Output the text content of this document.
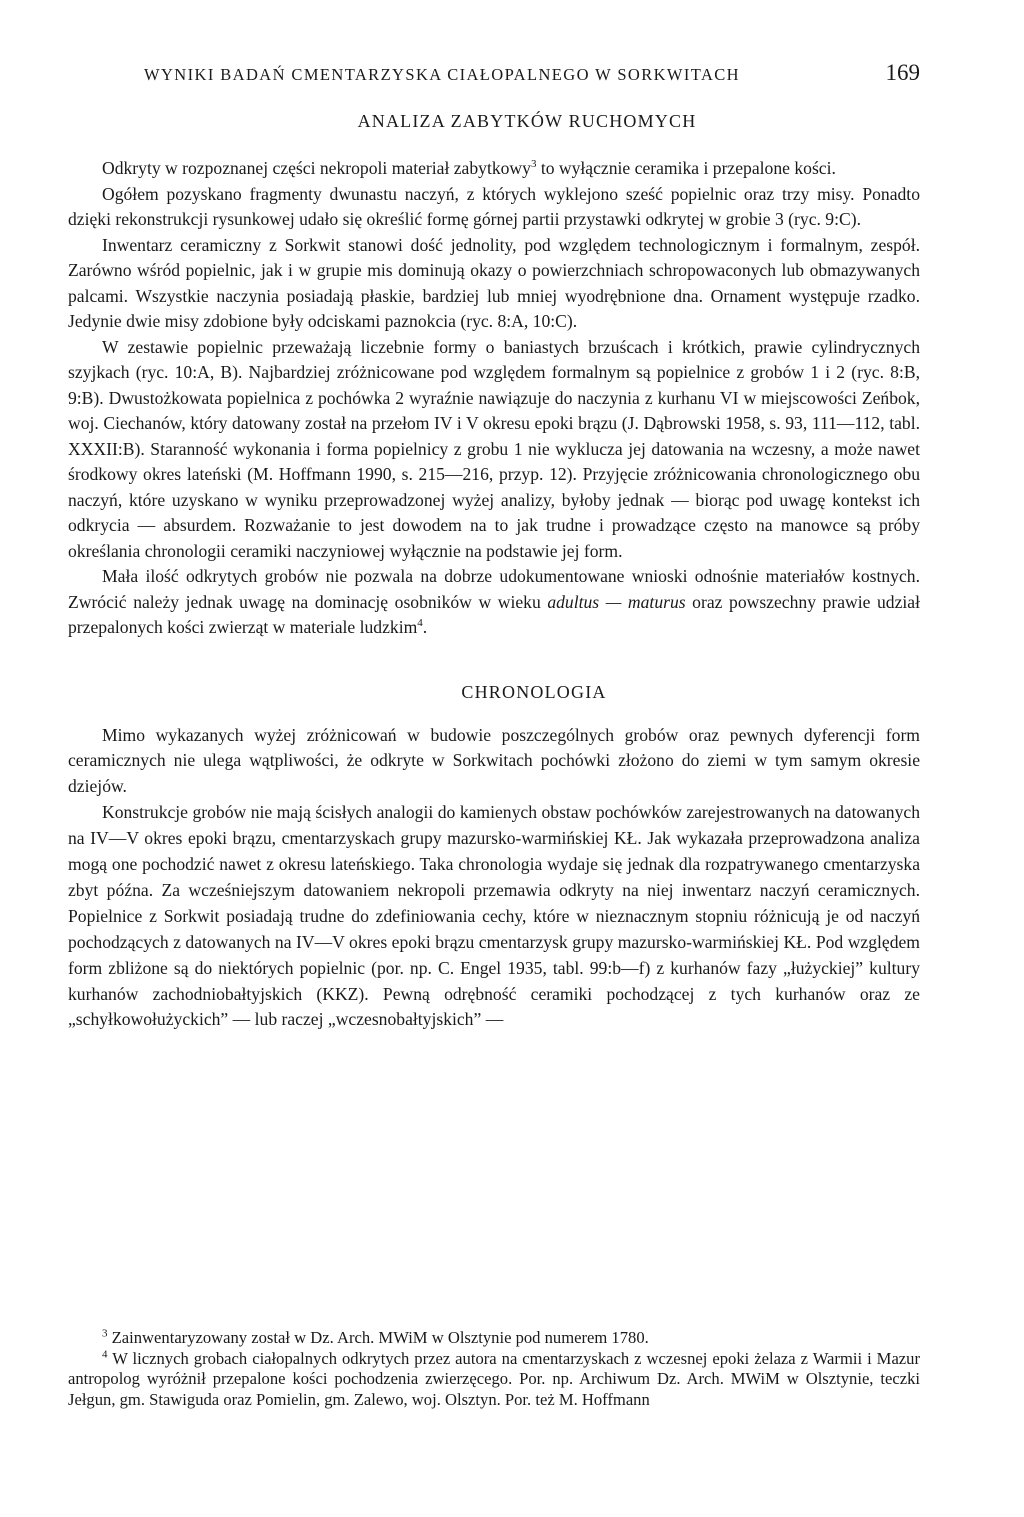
WYNIKI BADAŃ CMENTARZYSKA CIAŁOPALNEGO W SORKWITACH	169
ANALIZA ZABYTKÓW RUCHOMYCH

Odkryty w rozpoznanej części nekropoli materiał zabytkowy$^3$ to wyłącznie ceramika i przepalone kości.

Ogółem pozyskano fragmenty dwunastu naczyń, z których wyklejono sześć popielnic oraz trzy misy. Ponadto dzięki rekonstrukcji rysunkowej udało się określić formę górnej partii przystawki odkrytej w grobie 3 (ryc. 9:C).

Inwentarz ceramiczny z Sorkwit stanowi dość jednolity, pod względem technologicznym i formalnym, zespół. Zarówno wśród popielnic, jak i w grupie mis dominują okazy o powierzchniach schropowaconych lub obmazywanych palcami. Wszystkie naczynia posiadają płaskie, bardziej lub mniej wyodrębnione dna. Ornament występuje rzadko. Jedynie dwie misy zdobione były odciskami paznokcia (ryc. 8:A, 10:C).

W zestawie popielnic przeważają liczebnie formy o baniastych brzuścach i krótkich, prawie cylindrycznych szyjkach (ryc. 10:A, B). Najbardziej zróżnicowane pod względem formalnym są popielnice z grobów 1 i 2 (ryc. 8:B, 9:B). Dwustożkowata popielnica z pochówka 2 wyraźnie nawiązuje do naczynia z kurhanu VI w miejscowości Zeńbok, woj. Ciechanów, który datowany został na przełom IV i V okresu epoki brązu (J. Dąbrowski 1958, s. 93, 111—112, tabl. XXXII:B). Staranność wykonania i forma popielnicy z grobu 1 nie wyklucza jej datowania na wczesny, a może nawet środkowy okres lateński (M. Hoffmann 1990, s. 215—216, przyp. 12). Przyjęcie zróżnicowania chronologicznego obu naczyń, które uzyskano w wyniku przeprowadzonej wyżej analizy, byłoby jednak — biorąc pod uwagę kontekst ich odkrycia — absurdem. Rozważanie to jest dowodem na to jak trudne i prowadzące często na manowce są próby określania chronologii ceramiki naczyniowej wyłącznie na podstawie jej form.

Mała ilość odkrytych grobów nie pozwala na dobrze udokumentowane wnioski odnośnie materiałów kostnych. Zwrócić należy jednak uwagę na dominację osobników w wieku adultus — maturus oraz powszechny prawie udział przepalonych kości zwierząt w materiale ludzkim$^4$.

CHRONOLOGIA

Mimo wykazanych wyżej zróżnicowań w budowie poszczególnych grobów oraz pewnych dyferencji form ceramicznych nie ulega wątpliwości, że odkryte w Sorkwitach pochówki złożono do ziemi w tym samym okresie dziejów.

Konstrukcje grobów nie mają ścisłych analogii do kamienych obstaw pochówków zarejestrowanych na datowanych na IV—V okres epoki brązu, cmentarzyskach grupy mazursko-warmińskiej KŁ. Jak wykazała przeprowadzona analiza mogą one pochodzić nawet z okresu lateńskiego. Taka chronologia wydaje się jednak dla rozpatrywanego cmentarzyska zbyt późna. Za wcześniejszym datowaniem nekropoli przemawia odkryty na niej inwentarz naczyń ceramicznych. Popielnice z Sorkwit posiadają trudne do zdefiniowania cechy, które w nieznacznym stopniu różnicują je od naczyń pochodzących z datowanych na IV—V okres epoki brązu cmentarzysk grupy mazursko-warmińskiej KŁ. Pod względem form zbliżone są do niektórych popielnic (por. np. C. Engel 1935, tabl. 99:b—f) z kurhanów fazy „łużyckiej” kultury kurhanów zachodniobałtyjskich (KKZ). Pewną odrębność ceramiki pochodzącej z tych kurhanów oraz ze „schyłkowołużyckich” — lub raczej „wczesnobałtyjskich” —

$^3$ Zainwentaryzowany został w Dz. Arch. MWiM w Olsztynie pod numerem 1780.

$^4$ W licznych grobach ciałopalnych odkrytych przez autora na cmentarzyskach z wczesnej epoki żelaza z Warmii i Mazur antropolog wyróżnił przepalone kości pochodzenia zwierzęcego. Por. np. Archiwum Dz. Arch. MWiM w Olsztynie, teczki Jełgun, gm. Stawiguda oraz Pomielin, gm. Zalewo, woj. Olsztyn. Por. też M. Hoffmann
